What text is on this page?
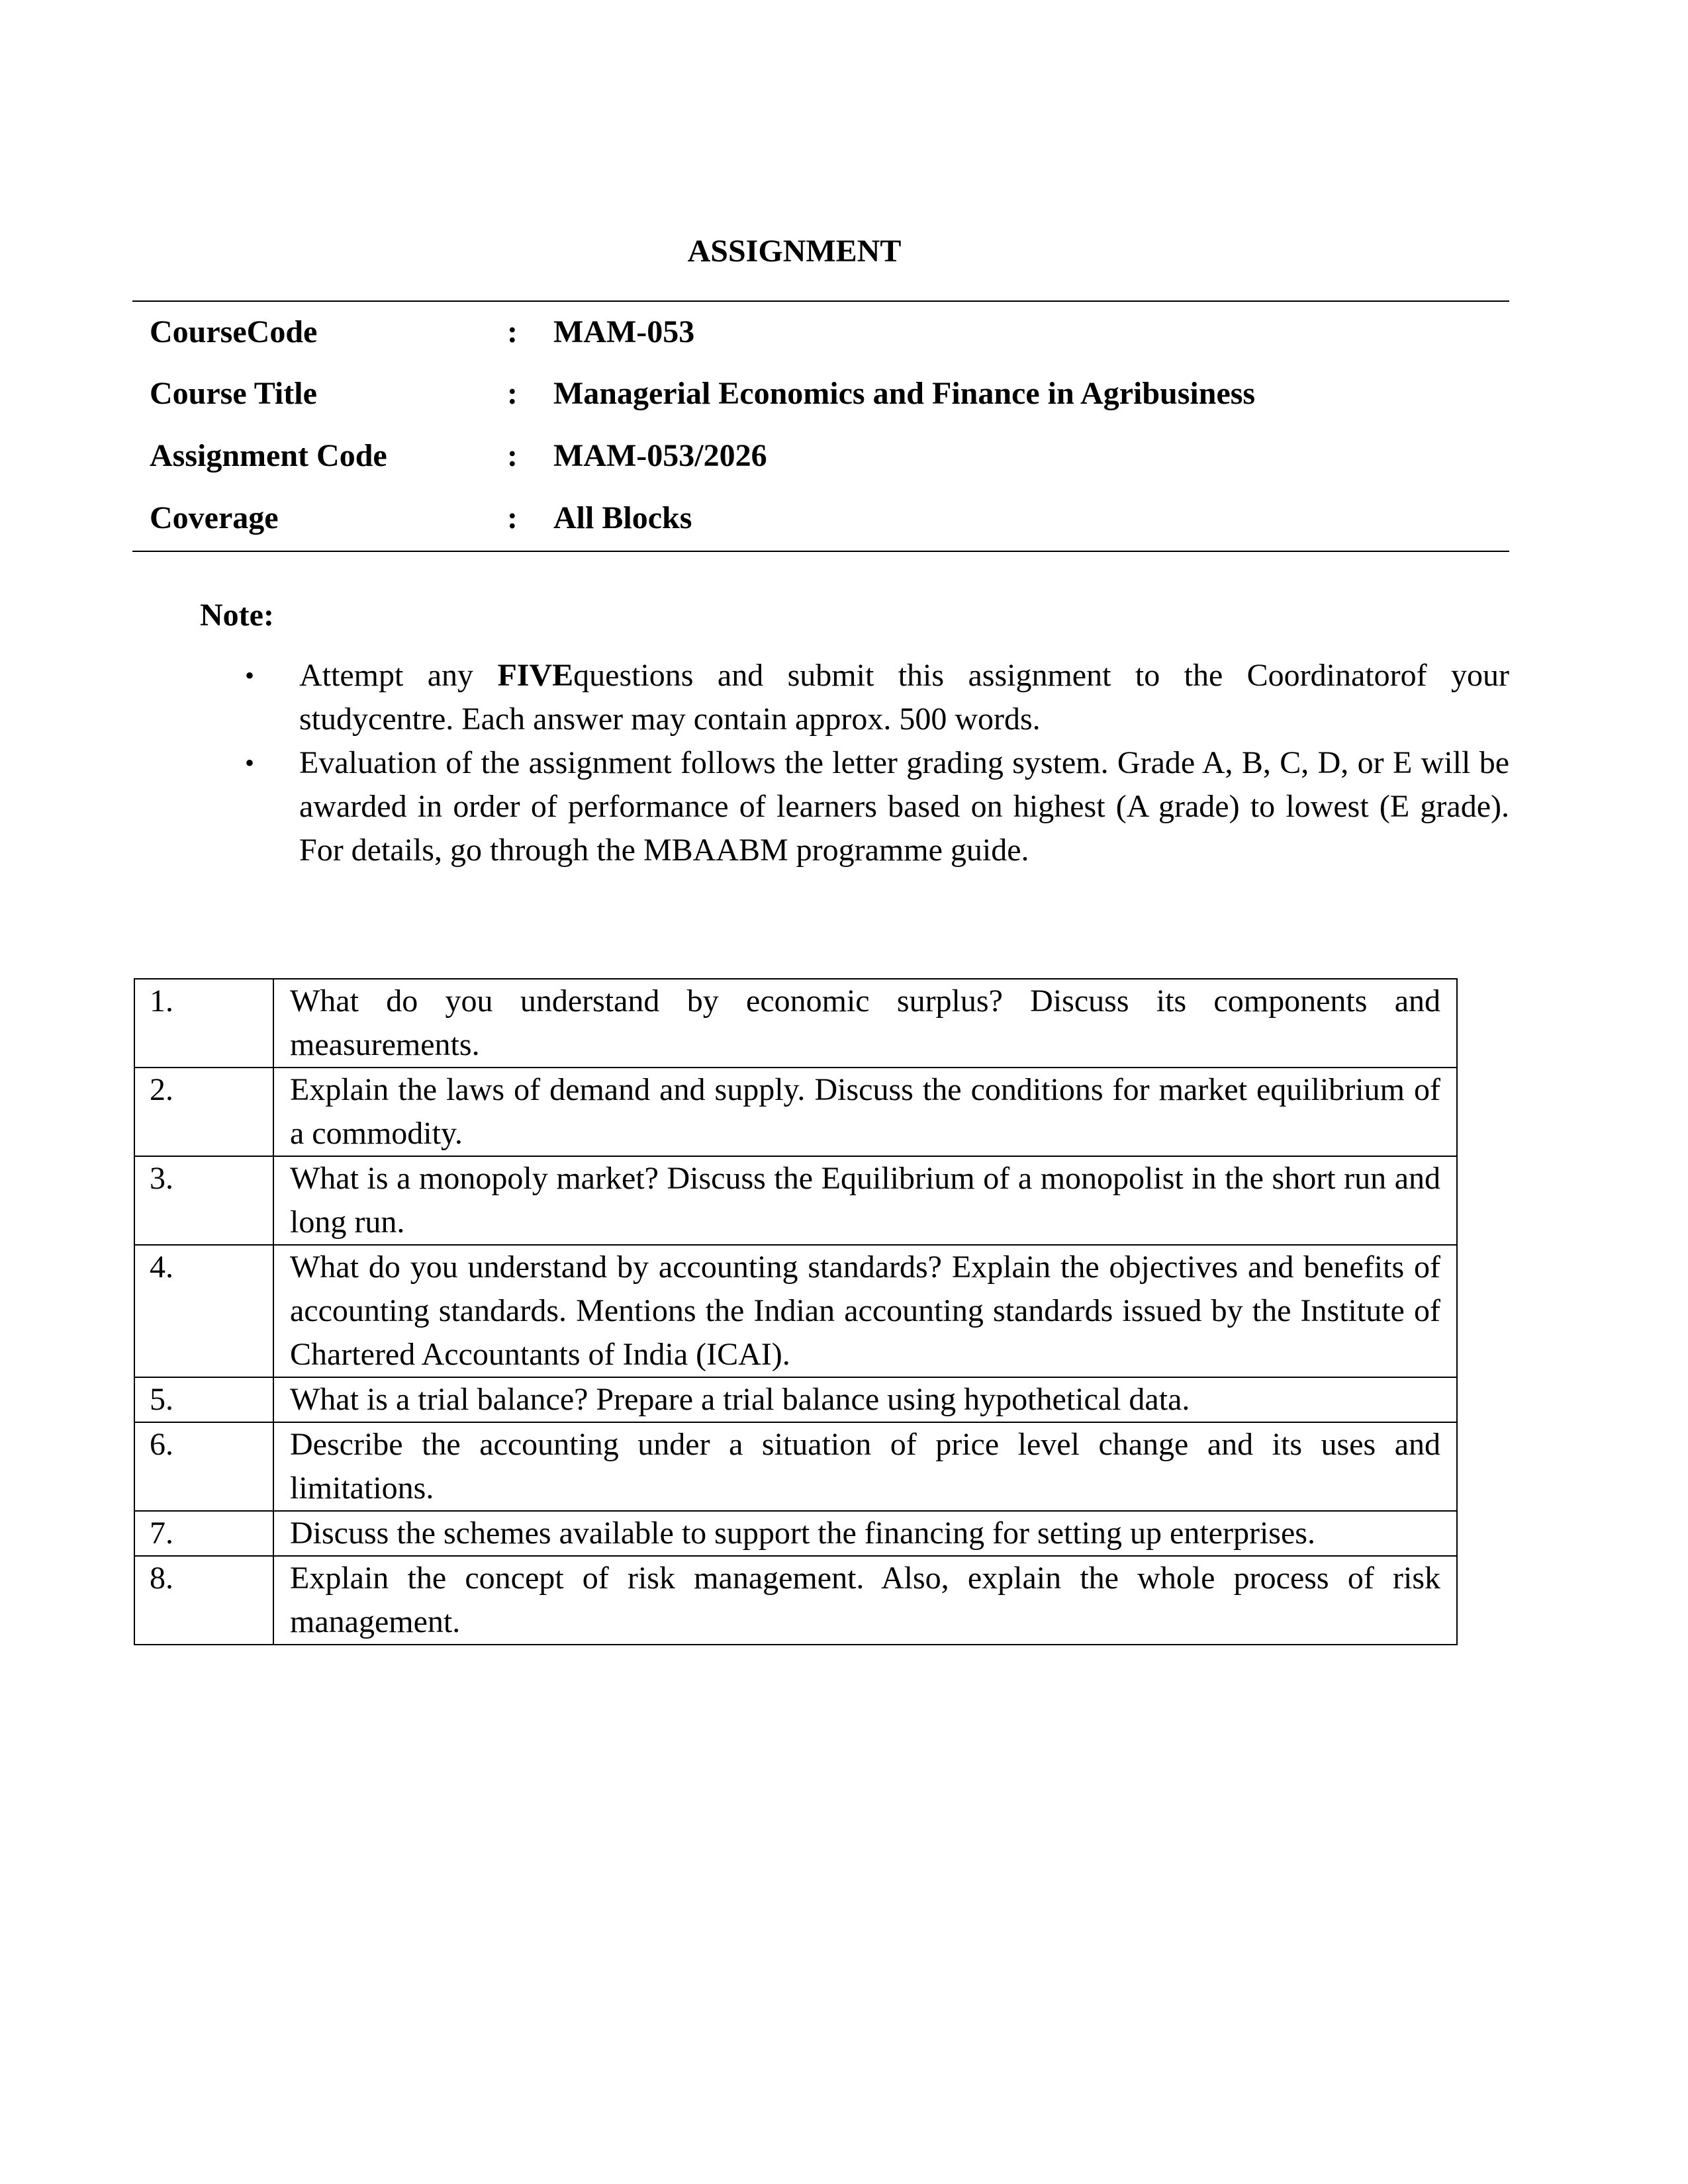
ASSIGNMENT
CourseCode	: MAM-053
Course Title	: Managerial Economics and Finance in Agribusiness
Assignment Code	: MAM-053/2026
Coverage	: All Blocks
Note:
• Attempt any FIVEquestions and submit this assignment to the Coordinatorof your studycentre. Each answer may contain approx. 500 words.
• Evaluation of the assignment follows the letter grading system. Grade A, B, C, D, or E will be awarded in order of performance of learners based on highest (A grade) to lowest (E grade). For details, go through the MBAABM programme guide.
1.	What do you understand by economic surplus? Discuss its components and measurements.
2.	Explain the laws of demand and supply. Discuss the conditions for market equilibrium of a commodity.
3.	What is a monopoly market? Discuss the Equilibrium of a monopolist in the short run and long run.
4.	What do you understand by accounting standards? Explain the objectives and benefits of accounting standards. Mentions the Indian accounting standards issued by the Institute of Chartered Accountants of India (ICAI).
5.	What is a trial balance? Prepare a trial balance using hypothetical data.
6.	Describe the accounting under a situation of price level change and its uses and limitations.
7.	Discuss the schemes available to support the financing for setting up enterprises.
8.	Explain the concept of risk management. Also, explain the whole process of risk management.
